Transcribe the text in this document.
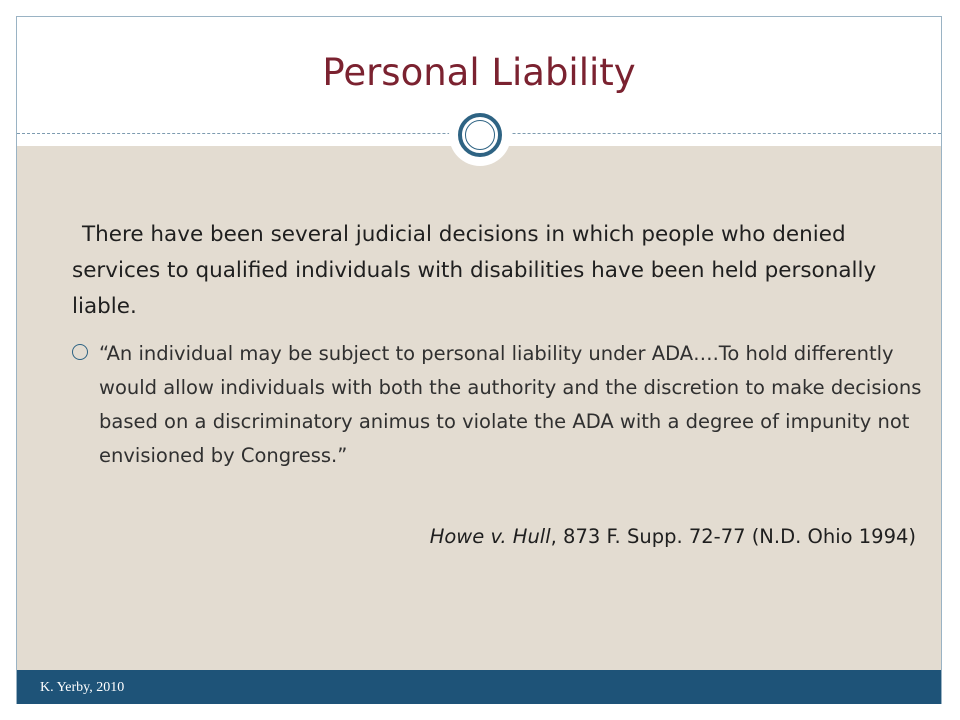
Personal Liability
There have been several judicial decisions in which people who denied services to qualified individuals with disabilities have been held personally liable.
“An individual may be subject to personal liability under ADA….To hold differently would allow individuals with both the authority and the discretion to make decisions based on a discriminatory animus to violate the ADA with a degree of impunity not envisioned by Congress.”
Howe v. Hull, 873 F. Supp. 72-77 (N.D. Ohio 1994)
K. Yerby, 2010
